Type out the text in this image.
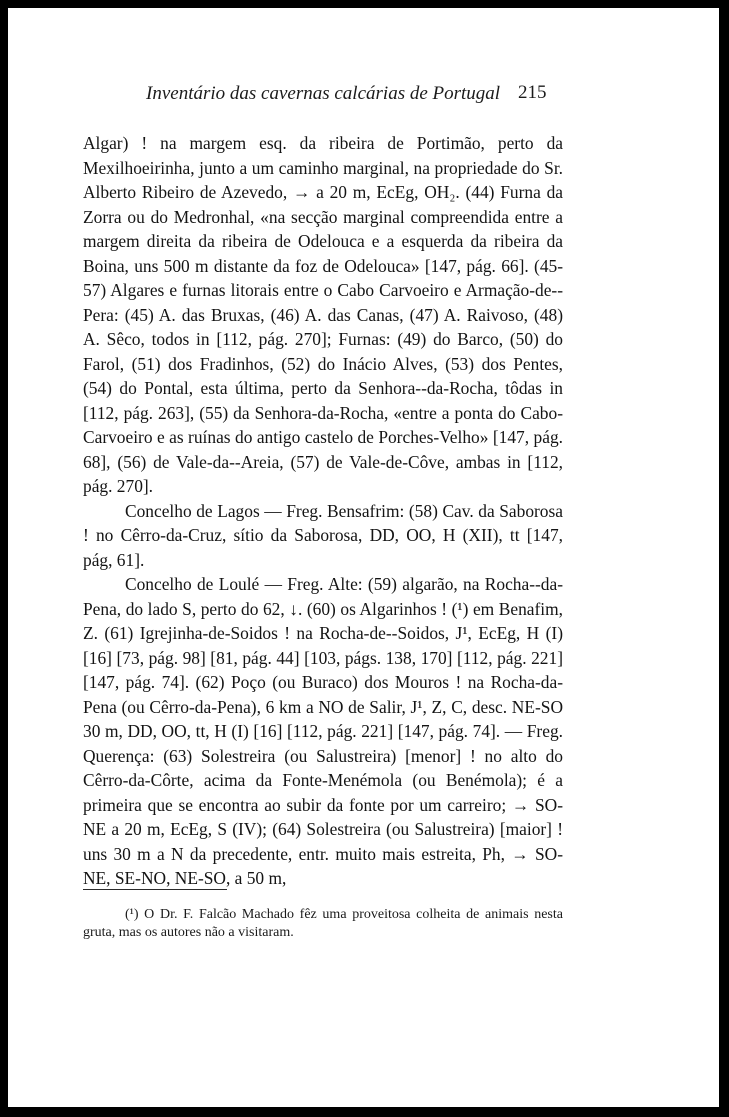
Inventário das cavernas calcárias de Portugal 215

Algar) ! na margem esq. da ribeira de Portimão, perto da Mexilhoeirinha, junto a um caminho marginal, na propriedade do Sr. Alberto Ribeiro de Azevedo, → a 20 m, EcEg, OH₂. (44) Furna da Zorra ou do Medronhal, «na secção marginal compreendida entre a margem direita da ribeira de Odelouca e a esquerda da ribeira da Boina, uns 500 m distante da foz de Odelouca» [147, pág. 66]. (45-57) Algares e furnas litorais entre o Cabo Carvoeiro e Armação-de--Pera: (45) A. das Bruxas, (46) A. das Canas, (47) A. Raivoso, (48) A. Sêco, todos in [112, pág. 270]; Furnas: (49) do Barco, (50) do Farol, (51) dos Fradinhos, (52) do Inácio Alves, (53) dos Pentes, (54) do Pontal, esta última, perto da Senhora--da-Rocha, tôdas in [112, pág. 263], (55) da Senhora-da-Rocha, «entre a ponta do Cabo-Carvoeiro e as ruínas do antigo castelo de Porches-Velho» [147, pág. 68], (56) de Vale-da--Areia, (57) de Vale-de-Côve, ambas in [112, pág. 270].

Concelho de Lagos — Freg. Bensafrim: (58) Cav. da Saborosa ! no Cêrro-da-Cruz, sítio da Saborosa, DD, OO, H (XII), tt [147, pág, 61].

Concelho de Loulé — Freg. Alte: (59) algarão, na Rocha--da-Pena, do lado S, perto do 62, ↓. (60) os Algarinhos ! (¹) em Benafim, Z. (61) Igrejinha-de-Soidos ! na Rocha-de--Soidos, J¹, EcEg, H (I) [16] [73, pág. 98] [81, pág. 44] [103, págs. 138, 170] [112, pág. 221] [147, pág. 74]. (62) Poço (ou Buraco) dos Mouros ! na Rocha-da-Pena (ou Cêrro-da-Pena), 6 km a NO de Salir, J¹, Z, C, desc. NE-SO 30 m, DD, OO, tt, H (I) [16] [112, pág. 221] [147, pág. 74]. — Freg. Querença: (63) Solestreira (ou Salustreira) [menor] ! no alto do Cêrro-da-Côrte, acima da Fonte-Menémola (ou Benémola); é a primeira que se encontra ao subir da fonte por um carreiro; → SO-NE a 20 m, EcEg, S (IV); (64) Solestreira (ou Salustreira) [maior] ! uns 30 m a N da precedente, entr. muito mais estreita, Ph, → SO-NE, SE-NO, NE-SO, a 50 m,

(¹) O Dr. F. Falcão Machado fêz uma proveitosa colheita de animais nesta gruta, mas os autores não a visitaram.
